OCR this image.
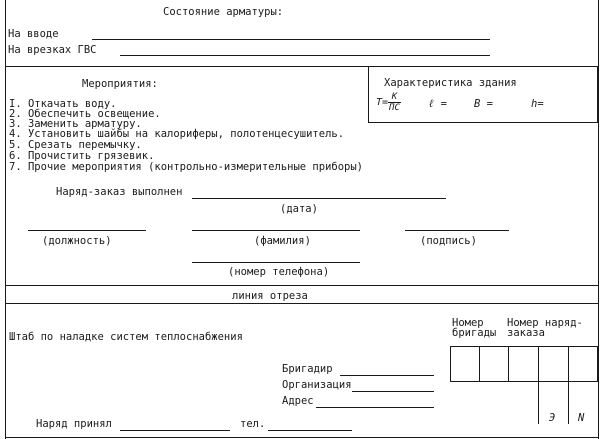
Состояние арматуры:
На вводе
На врезках ГВС
Мероприятия:
I. Откачать воду.
2. Обеспечить освещение.
3. Заменить арматуру.
4. Установить шайбы на калориферы, полотенцесушитель.
5. Срезать перемычку.
6. Прочистить грязевик.
7. Прочие мероприятия (контрольно-измерительные приборы)
Характеристика здания
$T= \frac{K}{ПС}$	ℓ =	B =	h=
Наряд-заказ выполнен
(дата)
(должность)	(фамилия)	(подпись)
(номер телефона)
линия отреза
Штаб по наладке систем теплоснабжения
Номер
бригады
Номер наряд-
заказа
Э N
Бригадир
Организация
Адрес
Наряд принял	тел.
